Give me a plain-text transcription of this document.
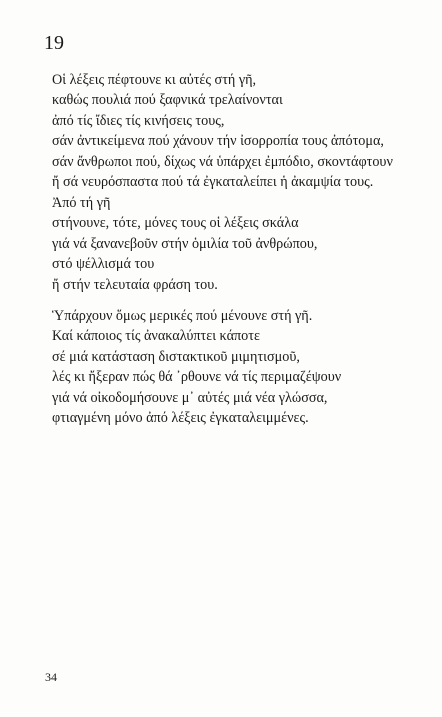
19
Οἱ λέξεις πέφτουνε κι αὐτές στή γῆ,
καθώς πουλιά πού ξαφνικά τρελαίνονται
ἀπό τίς ἴδιες τίς κινήσεις τους,
σάν ἀντικείμενα πού χάνουν τήν ἰσορροπία τους ἀπότομα,
σάν ἄνθρωποι πού, δίχως νά ὑπάρχει ἐμπόδιο, σκοντάφτουν
ἤ σά νευρόσπαστα πού τά ἐγκαταλείπει ἡ ἀκαμψία τους.
Ἀπό τή γῆ
στήνουνε, τότε, μόνες τους οἱ λέξεις σκάλα
γιά νά ξανανεβοῦν στήν ὁμιλία τοῦ ἀνθρώπου,
στό ψέλλισμά του
ἤ στήν τελευταία φράση του.
Ὑπάρχουν ὅμως μερικές πού μένουνε στή γῆ.
Καί κάποιος τίς ἀνακαλύπτει κάποτε
σέ μιά κατάσταση διστακτικοῦ μιμητισμοῦ,
λές κι ἤξεραν πώς θά ᾽ρθουνε νά τίς περιμαζέψουν
γιά νά οἰκοδομήσουνε μ᾽ αὐτές μιά νέα γλώσσα,
φτιαγμένη μόνο ἀπό λέξεις ἐγκαταλειμμένες.
34
